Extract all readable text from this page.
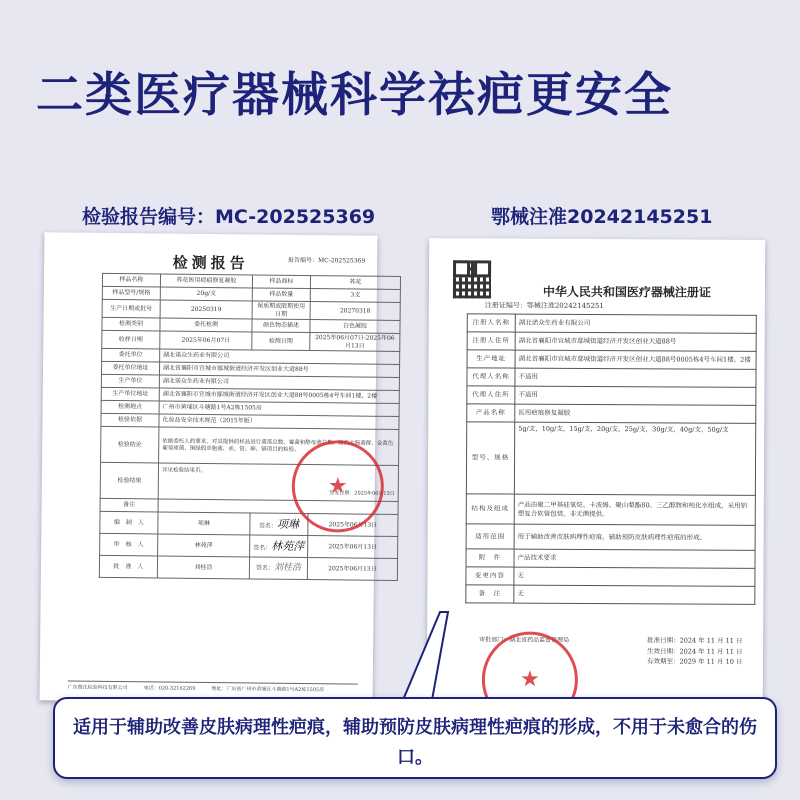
二类医疗器械科学祛疤更安全
检验报告编号：MC-202525369	鄂械注准20242145251
报告编号：MC-202525369
检测报告
样品名称	荞花医用疤痕修复凝胶	样品商标	荞花
样品型号/规格	20g/支	样品数量	3支
生产日期或批号	20250319	保质期或限期使用日期	20270318
检测类别	委托检测	颜色物态描述	白色凝胶
收样日期	2025年06月07日	检测日期	2025年06月07日-2025年06月13日
委托单位	湖北诺众生药业有限公司		
委托单位地址	湖北省襄阳市宜城市鄢城街道经济开发区创业大道88号		
生产单位	湖北诺众生药业有限公司		
生产单位地址	湖北省襄阳市宜城市鄢城街道经济开发区创业大道88号0005栋4号车间1楼、2楼		
检测地点	广州市黄埔区斗塘路1号A2栋1505房		
检验依据	化妆品安全技术规范（2015年版）		
检验结论	依据委托人的要求，对其提供的样品进行菌落总数、霉菌和酵母菌总数、耐热大肠菌群、金黄色葡萄球菌、铜绿假单胞菌、汞、铅、砷、镉项目的检验。		
检验结果	详见检验结果页。
签发日期：2025年06月13日		

备注			
编　制　人	项琳	签名：项琳	2025年06月13日
审　核　人	林苑萍	签名：林苑萍	2025年06月13日
批　准　人	刘桂浩	签名：刘桂浩	2025年06月13日
广东微化检验科技有限公司	电话：020-32162269	地址：广东省广州市黄埔区斗塘路1号A2栋1505房
★
中华人民共和国医疗器械注册证
注册证编号：鄂械注准20242145251
注册人名称	湖北诺众生药业有限公司
注册人住所	湖北省襄阳市宜城市鄢城街道经济开发区创业大道88号
生产地址	湖北省襄阳市宜城市鄢城街道经济开发区创业大道88号0005栋4号车间1楼、2楼
代理人名称	不适用
代理人住所	不适用
产品名称	医用疤痕修复凝胶
型号、规格	5g/支，10g/支，15g/支，20g/支，25g/支，30g/支，40g/支，50g/支
结构及组成	产品由聚二甲基硅氧烷、卡波姆、聚山梨酯80、三乙醇胺和纯化水组成，采用铝塑复合软管包装。非无菌提供。
适用范围	用于辅助改善皮肤病理性疤痕，辅助预防皮肤病理性疤痕的形成。
附　件	产品技术要求
变更内容	无
备　注	无
审批部门：湖北省药品监督管理局	批准日期：2024 年 11 月 11 日
生效日期：2024 年 11 月 11 日
有效期至：2029 年 11 月 10 日
★
适用于辅助改善皮肤病理性疤痕，辅助预防皮肤病理性疤痕的形成，不用于未愈合的伤口。
